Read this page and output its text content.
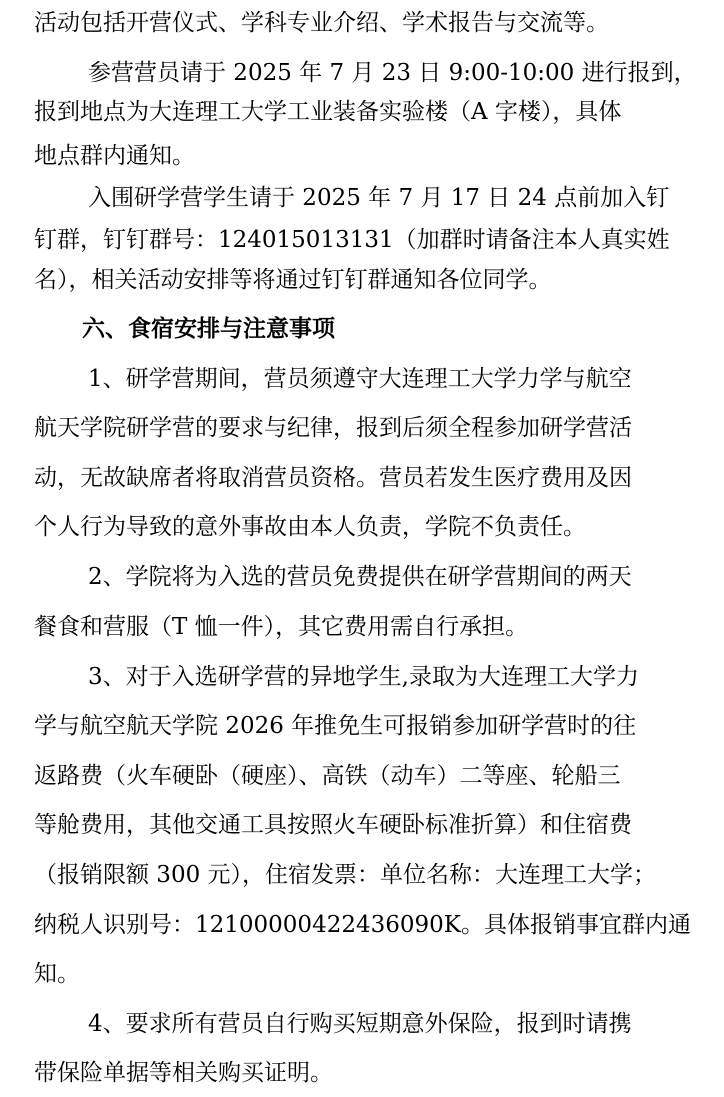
活动包括开营仪式、学科专业介绍、学术报告与交流等。
参营营员请于 2025 年 7 月 23 日 9:00-10:00 进行报到，
报到地点为大连理工大学工业装备实验楼（A 字楼），具体
地点群内通知。
入围研学营学生请于 2025 年 7 月 17 日 24 点前加入钉
钉群，钉钉群号：124015013131（加群时请备注本人真实姓
名），相关活动安排等将通过钉钉群通知各位同学。
六、食宿安排与注意事项
1、研学营期间，营员须遵守大连理工大学力学与航空
航天学院研学营的要求与纪律，报到后须全程参加研学营活
动，无故缺席者将取消营员资格。营员若发生医疗费用及因
个人行为导致的意外事故由本人负责，学院不负责任。
2、学院将为入选的营员免费提供在研学营期间的两天
餐食和营服（T 恤一件），其它费用需自行承担。
3、对于入选研学营的异地学生,录取为大连理工大学力
学与航空航天学院 2026 年推免生可报销参加研学营时的往
返路费（火车硬卧（硬座）、高铁（动车）二等座、轮船三
等舱费用，其他交通工具按照火车硬卧标准折算）和住宿费
（报销限额 300 元），住宿发票：单位名称：大连理工大学；
纳税人识别号：12100000422436090K。具体报销事宜群内通
知。
4、要求所有营员自行购买短期意外保险，报到时请携
带保险单据等相关购买证明。
